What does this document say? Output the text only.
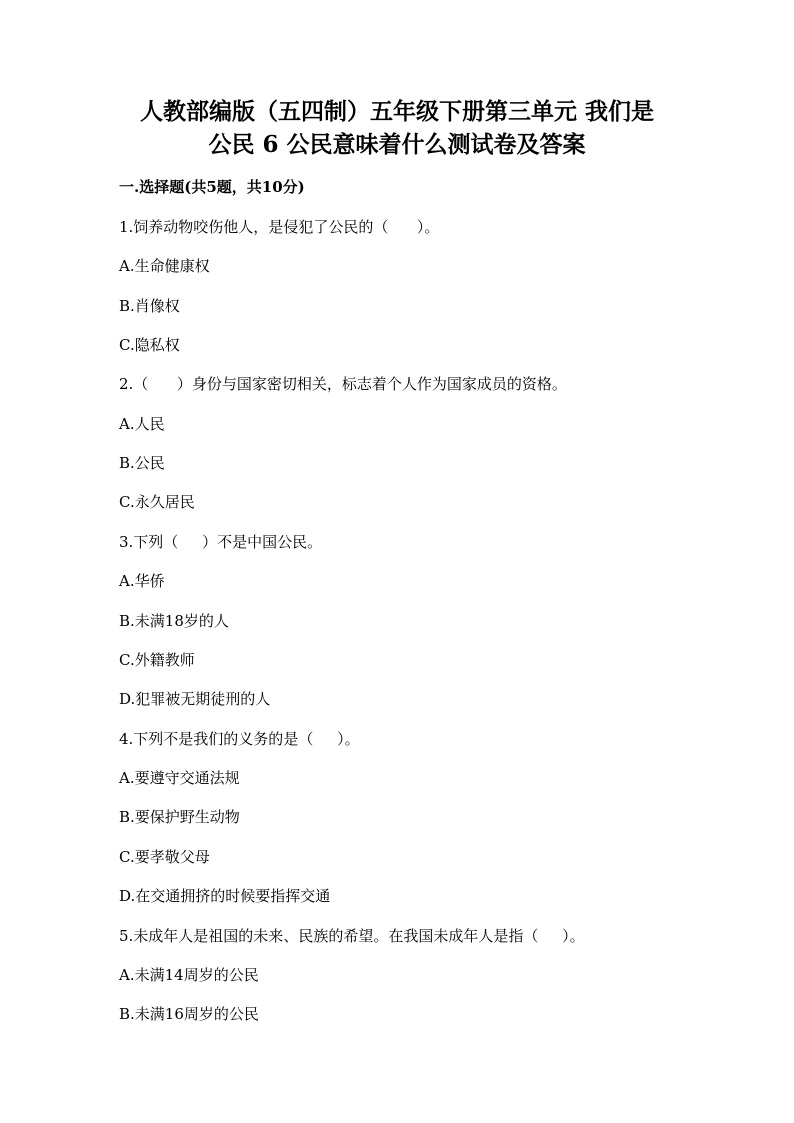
人教部编版（五四制）五年级下册第三单元 我们是
公民 6 公民意味着什么测试卷及答案
一.选择题(共5题，共10分)
1.饲养动物咬伤他人，是侵犯了公民的（      ）。
A.生命健康权
B.肖像权
C.隐私权
2.（      ）身份与国家密切相关，标志着个人作为国家成员的资格。
A.人民
B.公民
C.永久居民
3.下列（     ）不是中国公民。
A.华侨
B.未满18岁的人
C.外籍教师
D.犯罪被无期徒刑的人
4.下列不是我们的义务的是（     ）。
A.要遵守交通法规
B.要保护野生动物
C.要孝敬父母
D.在交通拥挤的时候要指挥交通
5.未成年人是祖国的未来、民族的希望。在我国未成年人是指（     ）。
A.未满14周岁的公民
B.未满16周岁的公民
